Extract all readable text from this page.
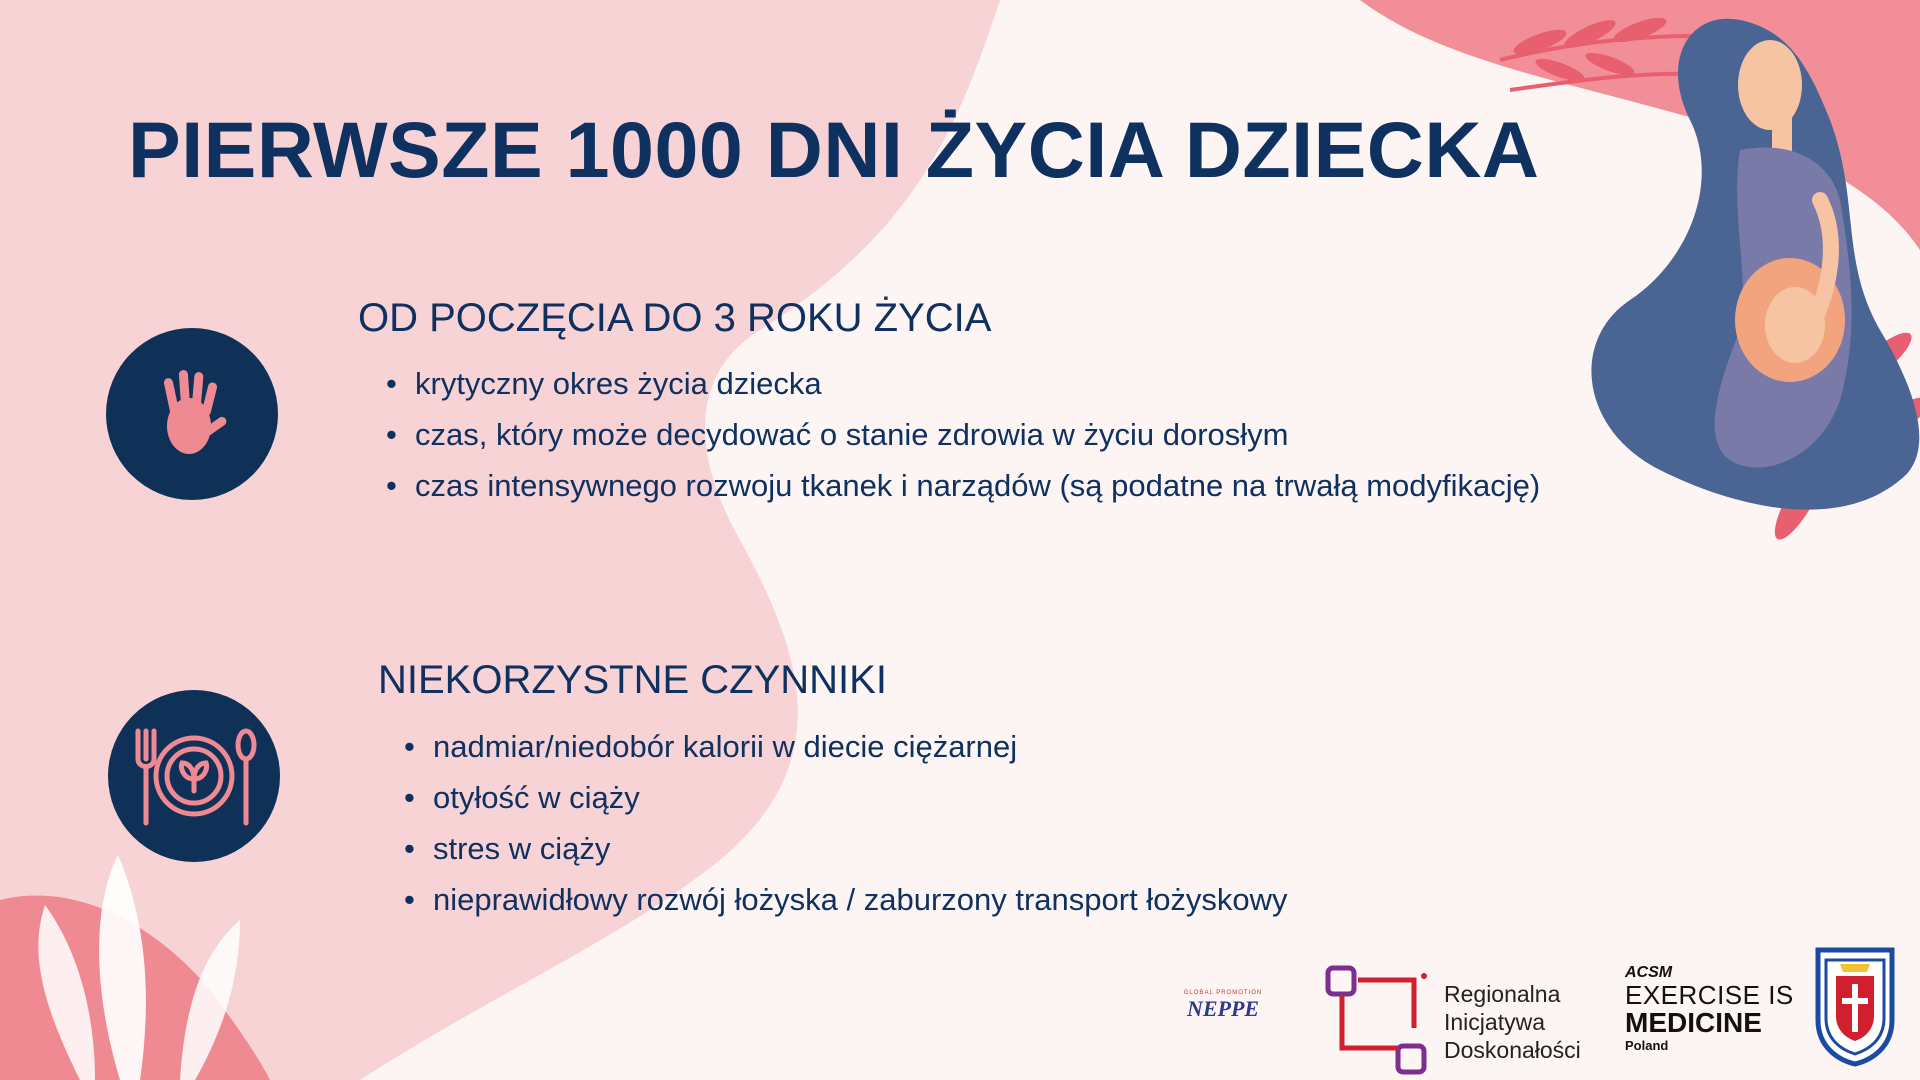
PIERWSZE 1000 DNI ŻYCIA DZIECKA
OD POCZĘCIA DO 3 ROKU ŻYCIA
• krytyczny okres życia dziecka
• czas, który może decydować o stanie zdrowia w życiu dorosłym
• czas intensywnego rozwoju tkanek i narządów (są podatne na trwałą modyfikację)
NIEKORZYSTNE CZYNNIKI
• nadmiar/niedobór kalorii w diecie ciężarnej
• otyłość w ciąży
• stres w ciąży
• nieprawidłowy rozwój łożyska / zaburzony transport łożyskowy
GLOBAL PROMOTION
NEPPE
Regionalna
Inicjatywa
Doskonałości
ACSM
EXERCISE IS
MEDICINE
Poland
